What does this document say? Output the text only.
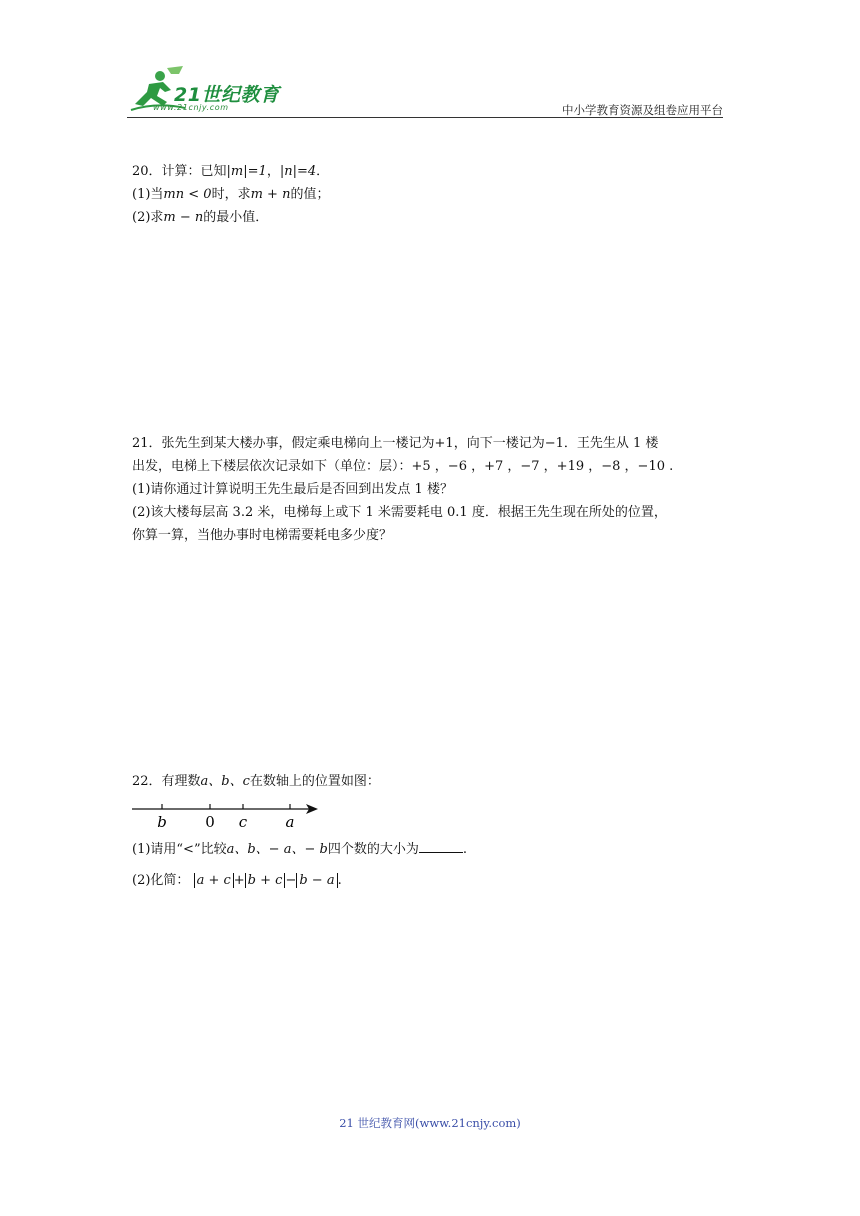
21世纪教育
www.21cnjy.com	中小学教育资源及组卷应用平台

20．计算：已知|m|=1，|n|=4．

(1)当mn < 0时，求m + n的值；

(2)求m − n的最小值．

21．张先生到某大楼办事，假定乘电梯向上一楼记为+1，向下一楼记为−1．王先生从 1 楼

出发，电梯上下楼层依次记录如下（单位：层）：+5 ，−6 ，+7 ，−7 ，+19 ，−8 ，−10 .

(1)请你通过计算说明王先生最后是否回到出发点 1 楼？

(2)该大楼每层高 3.2 米，电梯每上或下 1 米需要耗电 0.1 度．根据王先生现在所处的位置，

你算一算，当他办事时电梯需要耗电多少度？

22．有理数a、b、c在数轴上的位置如图：

b	0 c	a

(1)请用“<”比较a、b、− a、− b四个数的大小为	.

(2)化简： a + c + b + c − b − a .

21 世纪教育网(www.21cnjy.com)
